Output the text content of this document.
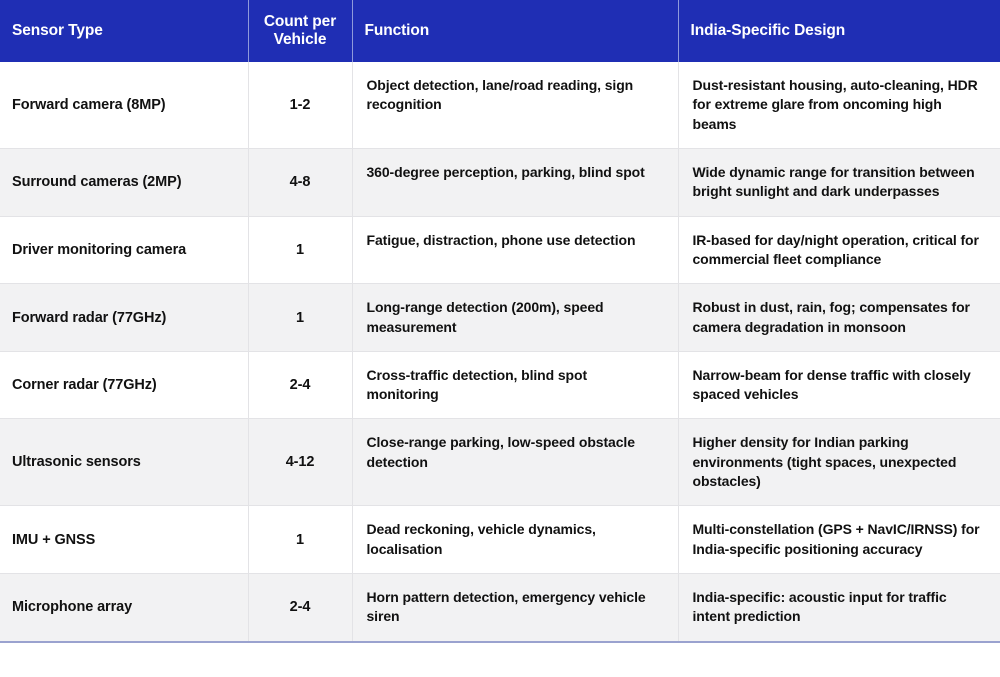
Sensor Type	Count per Vehicle	Function	India-Specific Design
Forward camera (8MP)	1-2	Object detection, lane/road reading, sign recognition	Dust-resistant housing, auto-cleaning, HDR for extreme glare from oncoming high beams
Surround cameras (2MP)	4-8	360-degree perception, parking, blind spot	Wide dynamic range for transition between bright sunlight and dark underpasses
Driver monitoring camera	1	Fatigue, distraction, phone use detection	IR-based for day/night operation, critical for commercial fleet compliance
Forward radar (77GHz)	1	Long-range detection (200m), speed measurement	Robust in dust, rain, fog; compensates for camera degradation in monsoon
Corner radar (77GHz)	2-4	Cross-traffic detection, blind spot monitoring	Narrow-beam for dense traffic with closely spaced vehicles
Ultrasonic sensors	4-12	Close-range parking, low-speed obstacle detection	Higher density for Indian parking environments (tight spaces, unexpected obstacles)
IMU + GNSS	1	Dead reckoning, vehicle dynamics, localisation	Multi-constellation (GPS + NavIC/IRNSS) for India-specific positioning accuracy
Microphone array	2-4	Horn pattern detection, emergency vehicle siren	India-specific: acoustic input for traffic intent prediction
